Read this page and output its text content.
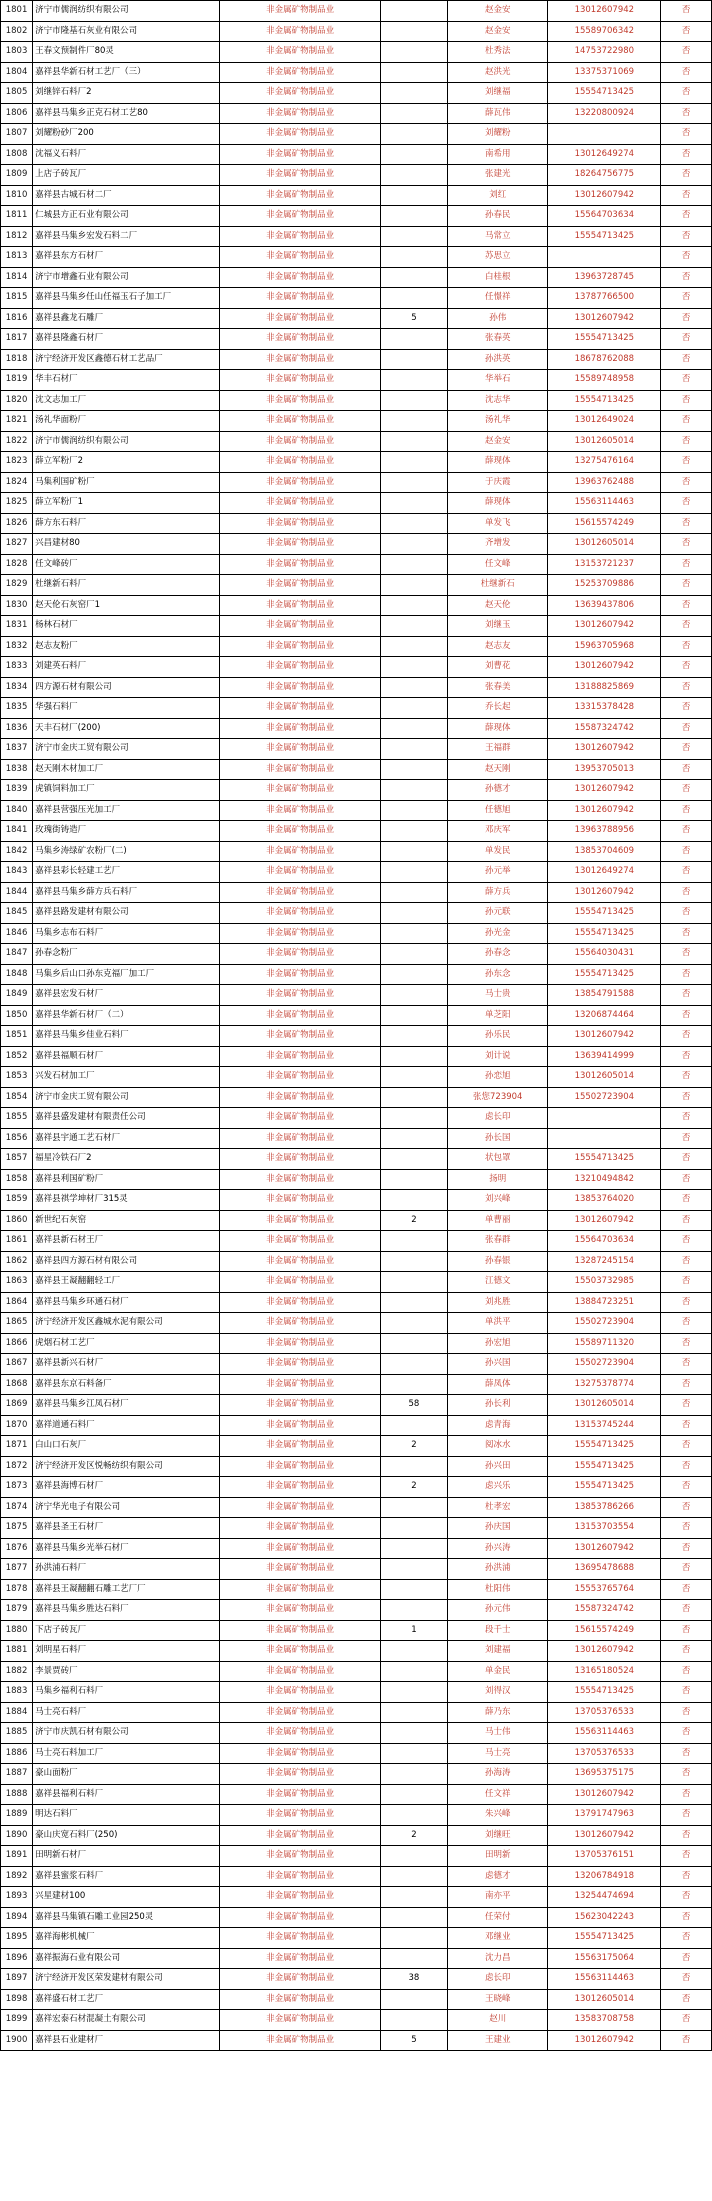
1801	济宁市儒润纺织有限公司	非金属矿物制品业		赵金安	13012607942	否
1802	济宁市隆基石灰业有限公司	非金属矿物制品业		赵金安	15589706342	否
1803	王春文预制件厂80灵	非金属矿物制品业		杜秀法	14753722980	否
1804	嘉祥县华新石材工艺厂（三）	非金属矿物制品业		赵洪光	13375371069	否
1805	刘继锌石料厂2	非金属矿物制品业		刘继福	15554713425	否
1806	嘉祥县马集乡正克石材工艺80	非金属矿物制品业		薛瓦伟	13220800924	否
1807	刘耀粉砂厂200	非金属矿物制品业		刘耀粉		否
1808	沈福义石料厂	非金属矿物制品业		南希用	13012649274	否
1809	上店子砖瓦厂	非金属矿物制品业		张建光	18264756775	否
1810	嘉祥县古城石材二厂	非金属矿物制品业		刘红	13012607942	否
1811	仁城县方正石业有限公司	非金属矿物制品业		孙春民	15564703634	否
1812	嘉祥县马集乡宏发石料二厂	非金属矿物制品业		马常立	15554713425	否
1813	嘉祥县东方石材厂	非金属矿物制品业		苏思立		否
1814	济宁市增鑫石业有限公司	非金属矿物制品业		白桂根	13963728745	否
1815	嘉祥县马集乡任山任福玉石子加工厂	非金属矿物制品业		任憬祥	13787766500	否
1816	嘉祥县鑫龙石雕厂	非金属矿物制品业	5	孙伟	13012607942	否
1817	嘉祥县隆鑫石材厂	非金属矿物制品业		张春英	15554713425	否
1818	济宁经济开发区鑫德石材工艺品厂	非金属矿物制品业		孙洪英	18678762088	否
1819	华丰石材厂	非金属矿物制品业		华举石	15589748958	否
1820	沈文志加工厂	非金属矿物制品业		沈志华	15554713425	否
1821	汤礼华面粉厂	非金属矿物制品业		汤礼华	13012649024	否
1822	济宁市儒润纺织有限公司	非金属矿物制品业		赵金安	13012605014	否
1823	薛立军粉厂2	非金属矿物制品业		薛现体	13275476164	否
1824	马集利国矿粉厂	非金属矿物制品业		于庆霞	13963762488	否
1825	薛立军粉厂1	非金属矿物制品业		薛现体	15563114463	否
1826	薛方东石料厂	非金属矿物制品业		单发飞	15615574249	否
1827	兴昌建材80	非金属矿物制品业		齐增发	13012605014	否
1828	任文峰砖厂	非金属矿物制品业		任文峰	13153721237	否
1829	杜继新石料厂	非金属矿物制品业		杜继新石	15253709886	否
1830	赵天伦石灰窑厂1	非金属矿物制品业		赵天伦	13639437806	否
1831	杨林石材厂	非金属矿物制品业		刘继玉	13012607942	否
1832	赵志友粉厂	非金属矿物制品业		赵志友	15963705968	否
1833	刘建英石料厂	非金属矿物制品业		刘曹花	13012607942	否
1834	四方源石材有限公司	非金属矿物制品业		张春美	13188825869	否
1835	华强石料厂	非金属矿物制品业		乔长起	13315378428	否
1836	天丰石材厂(200)	非金属矿物制品业		薛现体	15587324742	否
1837	济宁市金庆工贸有限公司	非金属矿物制品业		王福群	13012607942	否
1838	赵天刚木材加工厂	非金属矿物制品业		赵天刚	13953705013	否
1839	虎镇饲料加工厂	非金属矿物制品业		孙德才	13012607942	否
1840	嘉祥县营强压光加工厂	非金属矿物制品业		任德旭	13012607942	否
1841	玫瑰街铸造厂	非金属矿物制品业		邓庆军	13963788956	否
1842	马集乡涛绿矿农粉厂(二)	非金属矿物制品业		单发民	13853704609	否
1843	嘉祥县彩长轻建工艺厂	非金属矿物制品业		孙元举	13012649274	否
1844	嘉祥县马集乡薛方兵石料厂	非金属矿物制品业		薛方兵	13012607942	否
1845	嘉祥县路发建材有限公司	非金属矿物制品业		孙元联	15554713425	否
1846	马集乡志布石料厂	非金属矿物制品业		孙光金	15554713425	否
1847	孙春念粉厂	非金属矿物制品业		孙春念	15564030431	否
1848	马集乡后山口孙东克福厂加工厂	非金属矿物制品业		孙东念	15554713425	否
1849	嘉祥县宏发石材厂	非金属矿物制品业		马士贵	13854791588	否
1850	嘉祥县华新石材厂（二）	非金属矿物制品业		单芝阳	13206874464	否
1851	嘉祥县马集乡佳业石料厂	非金属矿物制品业		孙乐民	13012607942	否
1852	嘉祥县福顺石材厂	非金属矿物制品业		刘计说	13639414999	否
1853	兴发石材加工厂	非金属矿物制品业		孙恋旭	13012605014	否
1854	济宁市金庆工贸有限公司	非金属矿物制品业		张您723904	15502723904	否
1855	嘉祥县盛发建材有限责任公司	非金属矿物制品业		虑长印		否
1856	嘉祥县宇通工艺石材厂	非金属矿物制品业		孙长国		否
1857	福星冷铁石厂2	非金属矿物制品业		状包罩	15554713425	否
1858	嘉祥县利国矿粉厂	非金属矿物制品业		扬明	13210494842	否
1859	嘉祥县祺学坤材厂315灵	非金属矿物制品业		刘兴峰	13853764020	否
1860	新世纪石灰窑	非金属矿物制品业	2	单曹丽	13012607942	否
1861	嘉祥县新石材王厂	非金属矿物制品业		张春群	15564703634	否
1862	嘉祥县四方源石材有限公司	非金属矿物制品业		孙春银	13287245154	否
1863	嘉祥县王凝翻翻轻工厂	非金属矿物制品业		江德文	15503732985	否
1864	嘉祥县马集乡环通石材厂	非金属矿物制品业		刘兆胜	13884723251	否
1865	济宁经济开发区鑫城水泥有限公司	非金属矿物制品业		单洪平	15502723904	否
1866	虎烟石材工艺厂	非金属矿物制品业		孙宏旭	15589711320	否
1867	嘉祥县新兴石材厂	非金属矿物制品业		孙兴国	15502723904	否
1868	嘉祥县东京石料备厂	非金属矿物制品业		薛凤体	13275378774	否
1869	嘉祥县马集乡江凤石材厂	非金属矿物制品业	58	孙长利	13012605014	否
1870	嘉祥道通石料厂	非金属矿物制品业		虑青海	13153745244	否
1871	白山口石灰厂	非金属矿物制品业	2	阅冰水	15554713425	否
1872	济宁经济开发区悦畅纺织有限公司	非金属矿物制品业		孙兴田	15554713425	否
1873	嘉祥县海博石材厂	非金属矿物制品业	2	虑兴乐	15554713425	否
1874	济宁华光电子有限公司	非金属矿物制品业		杜孝宏	13853786266	否
1875	嘉祥县圣王石材厂	非金属矿物制品业		孙庆国	13153703554	否
1876	嘉祥县马集乡光举石材厂	非金属矿物制品业		孙兴涛	13012607942	否
1877	孙洪浦石料厂	非金属矿物制品业		孙洪浦	13695478688	否
1878	嘉祥县王凝翻翻石雕工艺厂厂	非金属矿物制品业		杜阳伟	15553765764	否
1879	嘉祥县马集乡胜达石料厂	非金属矿物制品业		孙元伟	15587324742	否
1880	下店子砖瓦厂	非金属矿物制品业	1	段千士	15615574249	否
1881	刘明星石料厂	非金属矿物制品业		刘建福	13012607942	否
1882	李景贾砖厂	非金属矿物制品业		单金民	13165180524	否
1883	马集乡福利石料厂	非金属矿物制品业		刘得汉	15554713425	否
1884	马士亮石料厂	非金属矿物制品业		薛乃东	13705376533	否
1885	济宁市庆凯石材有限公司	非金属矿物制品业		马士伟	15563114463	否
1886	马士亮石料加工厂	非金属矿物制品业		马士亮	13705376533	否
1887	豪山面粉厂	非金属矿物制品业		孙海涛	13695375175	否
1888	嘉祥县福利石料厂	非金属矿物制品业		任文祥	13012607942	否
1889	明达石料厂	非金属矿物制品业		朱兴峰	13791747963	否
1890	豪山庆宽石料厂(250)	非金属矿物制品业	2	刘继旺	13012607942	否
1891	田明新石材厂	非金属矿物制品业		田明新	13705376151	否
1892	嘉祥县蜜浆石料厂	非金属矿物制品业		虑德才	13206784918	否
1893	兴星建材100	非金属矿物制品业		南亦平	13254474694	否
1894	嘉祥县马集镇石雕工业园250灵	非金属矿物制品业		任荣付	15623042243	否
1895	嘉祥海彬机械厂	非金属矿物制品业		邓继业	15554713425	否
1896	嘉祥振海石业有限公司	非金属矿物制品业		沈力昌	15563175064	否
1897	济宁经济开发区荣发建材有限公司	非金属矿物制品业	38	虑长印	15563114463	否
1898	嘉祥盛石材工艺厂	非金属矿物制品业		王晓峰	13012605014	否
1899	嘉祥宏泰石材混凝土有限公司	非金属矿物制品业		赵川	13583708758	否
1900	嘉祥县石业建材厂	非金属矿物制品业	5	王建业	13012607942	否
